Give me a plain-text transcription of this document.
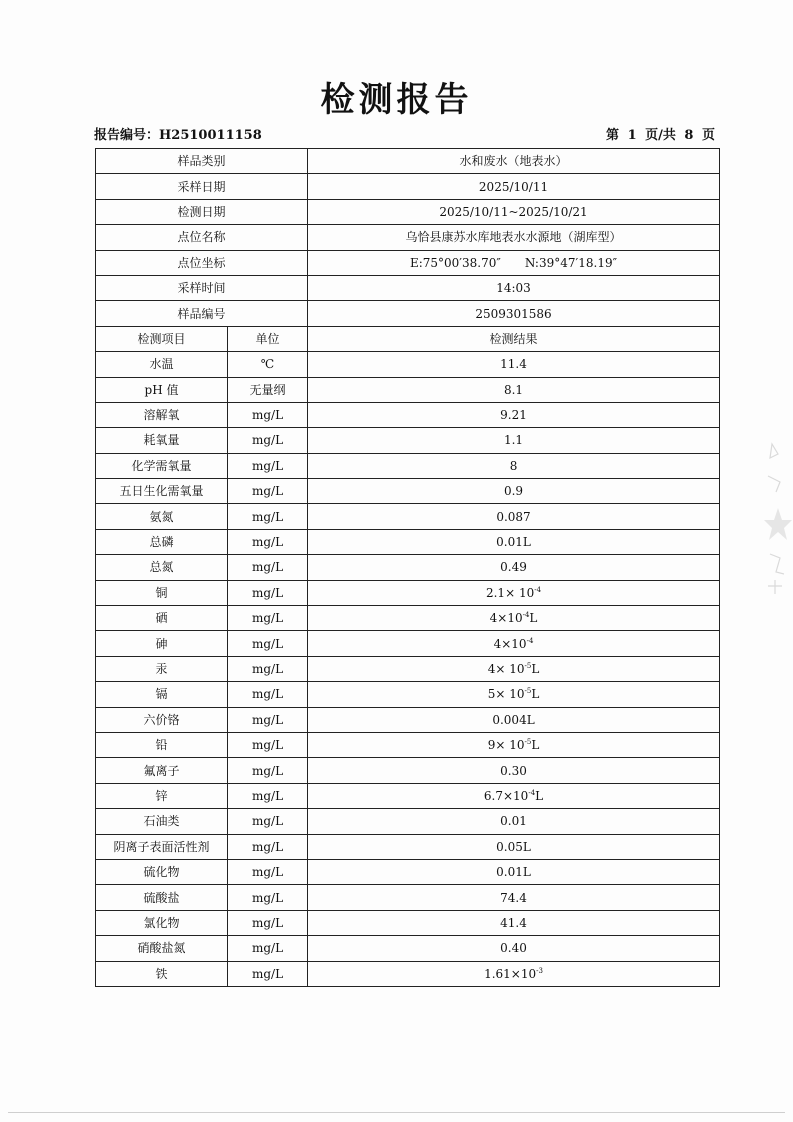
检测报告
报告编号：H2510011158	第 1 页/共 8 页
样品类别		水和废水（地表水）
采样日期		2025/10/11
检测日期		2025/10/11~2025/10/21
点位名称		乌恰县康苏水库地表水水源地（湖库型）
点位坐标		E:75°00′38.70″　　N:39°47′18.19″
采样时间		14:03
样品编号		2509301586
检测项目	单位	检测结果
水温	℃	11.4
pH 值	无量纲	8.1
溶解氧	mg/L	9.21
耗氧量	mg/L	1.1
化学需氧量	mg/L	8
五日生化需氧量	mg/L	0.9
氨氮	mg/L	0.087
总磷	mg/L	0.01L
总氮	mg/L	0.49
铜	mg/L	$2.1\times 10^{-4}$
硒	mg/L	$4\times 10^{-4}L$
砷	mg/L	$4\times 10^{-4}$
汞	mg/L	$4\times 10^{-5}L$
镉	mg/L	$5\times 10^{-5}L$
六价铬	mg/L	0.004L
铅	mg/L	$9\times 10^{-5}L$
氟离子	mg/L	0.30
锌	mg/L	$6.7\times 10^{-4}L$
石油类	mg/L	0.01
阴离子表面活性剂	mg/L	0.05L
硫化物	mg/L	0.01L
硫酸盐	mg/L	74.4
氯化物	mg/L	41.4
硝酸盐氮	mg/L	0.40
铁	mg/L	$1.61\times 10^{-3}$
